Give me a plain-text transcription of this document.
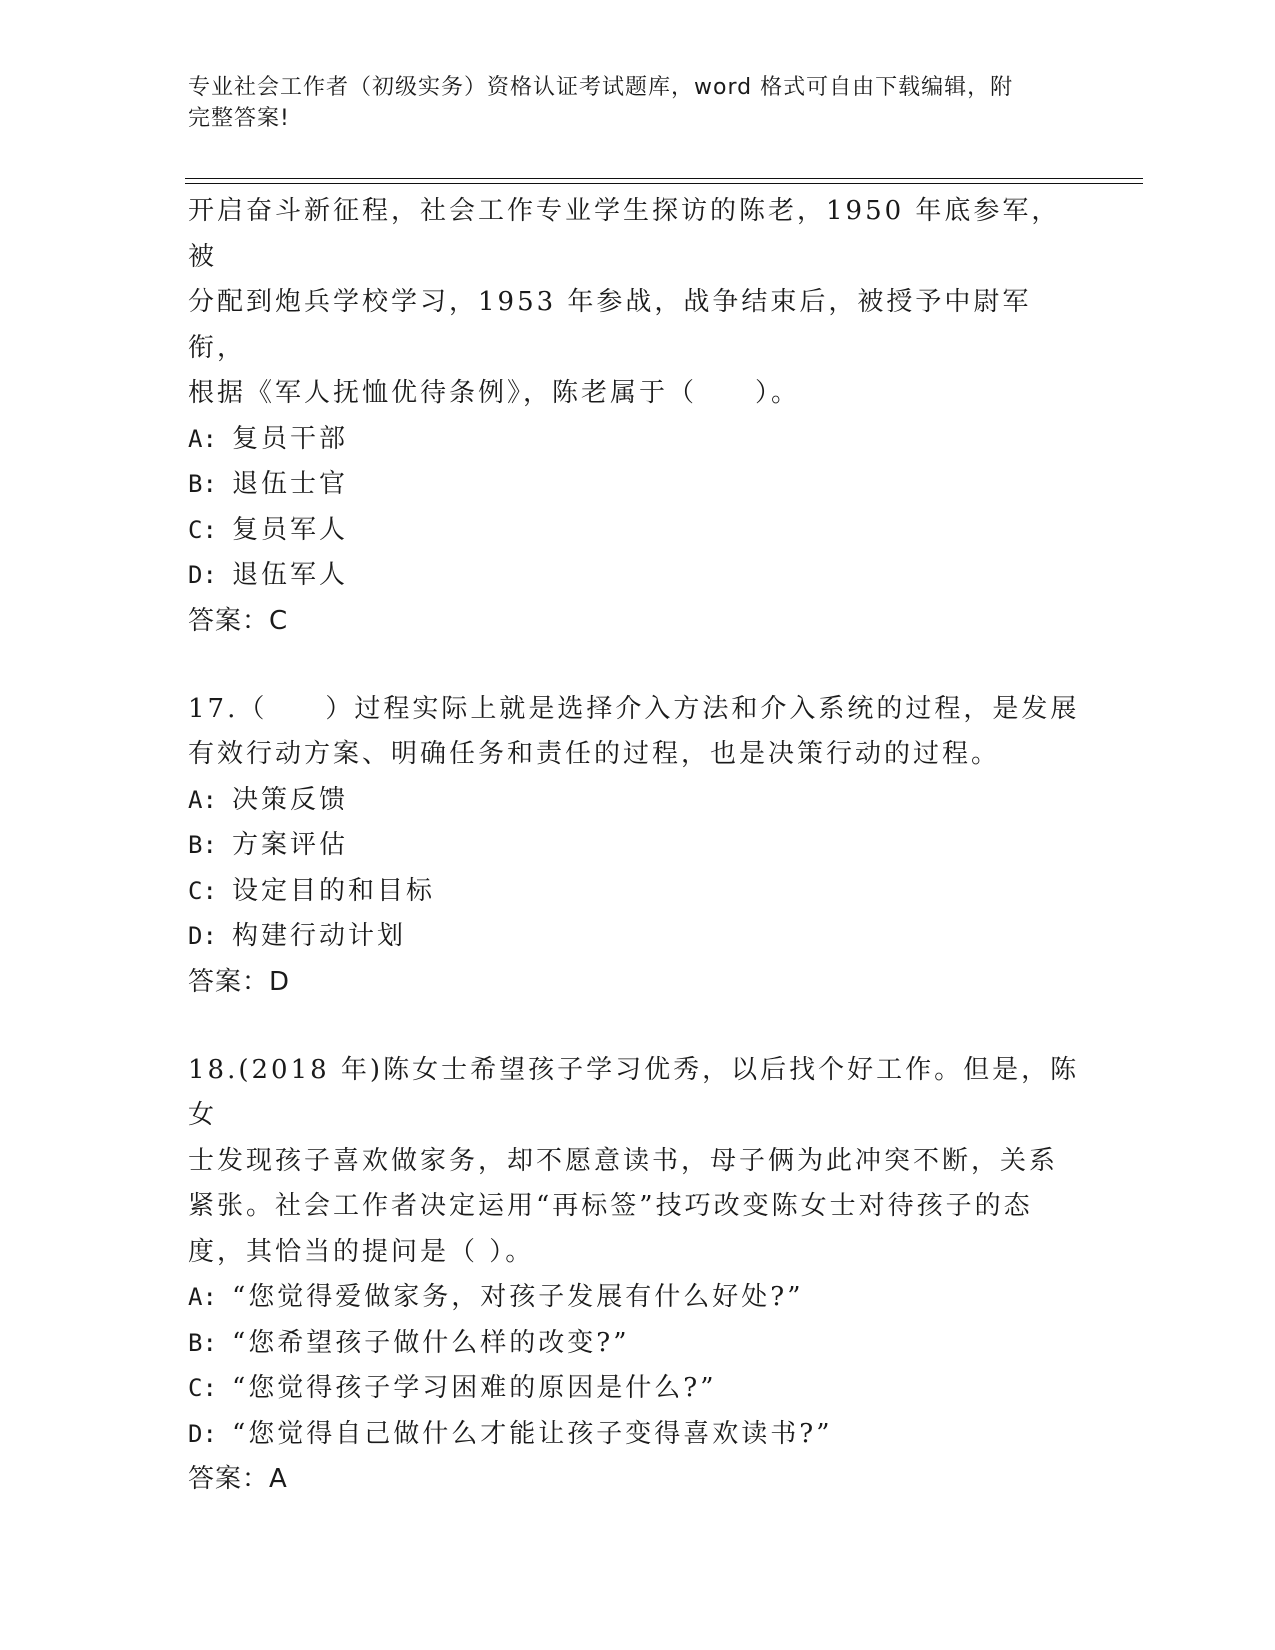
专业社会工作者（初级实务）资格认证考试题库，word 格式可自由下载编辑，附
完整答案!
开启奋斗新征程，社会工作专业学生探访的陈老，1950 年底参军，被
分配到炮兵学校学习，1953 年参战，战争结束后，被授予中尉军衔，
根据《军人抚恤优待条例》，陈老属于（　　）。
A: 复员干部
B: 退伍士官
C: 复员军人
D: 退伍军人
答案：C
17.（　　）过程实际上就是选择介入方法和介入系统的过程，是发展
有效行动方案、明确任务和责任的过程，也是决策行动的过程。
A: 决策反馈
B: 方案评估
C: 设定目的和目标
D: 构建行动计划
答案：D
18.(2018 年)陈女士希望孩子学习优秀，以后找个好工作。但是，陈女
士发现孩子喜欢做家务，却不愿意读书，母子俩为此冲突不断，关系
紧张。社会工作者决定运用“再标签”技巧改变陈女士对待孩子的态
度，其恰当的提问是（ ）。
A: “您觉得爱做家务，对孩子发展有什么好处?”
B: “您希望孩子做什么样的改变?”
C: “您觉得孩子学习困难的原因是什么?”
D: “您觉得自己做什么才能让孩子变得喜欢读书?”
答案：A
